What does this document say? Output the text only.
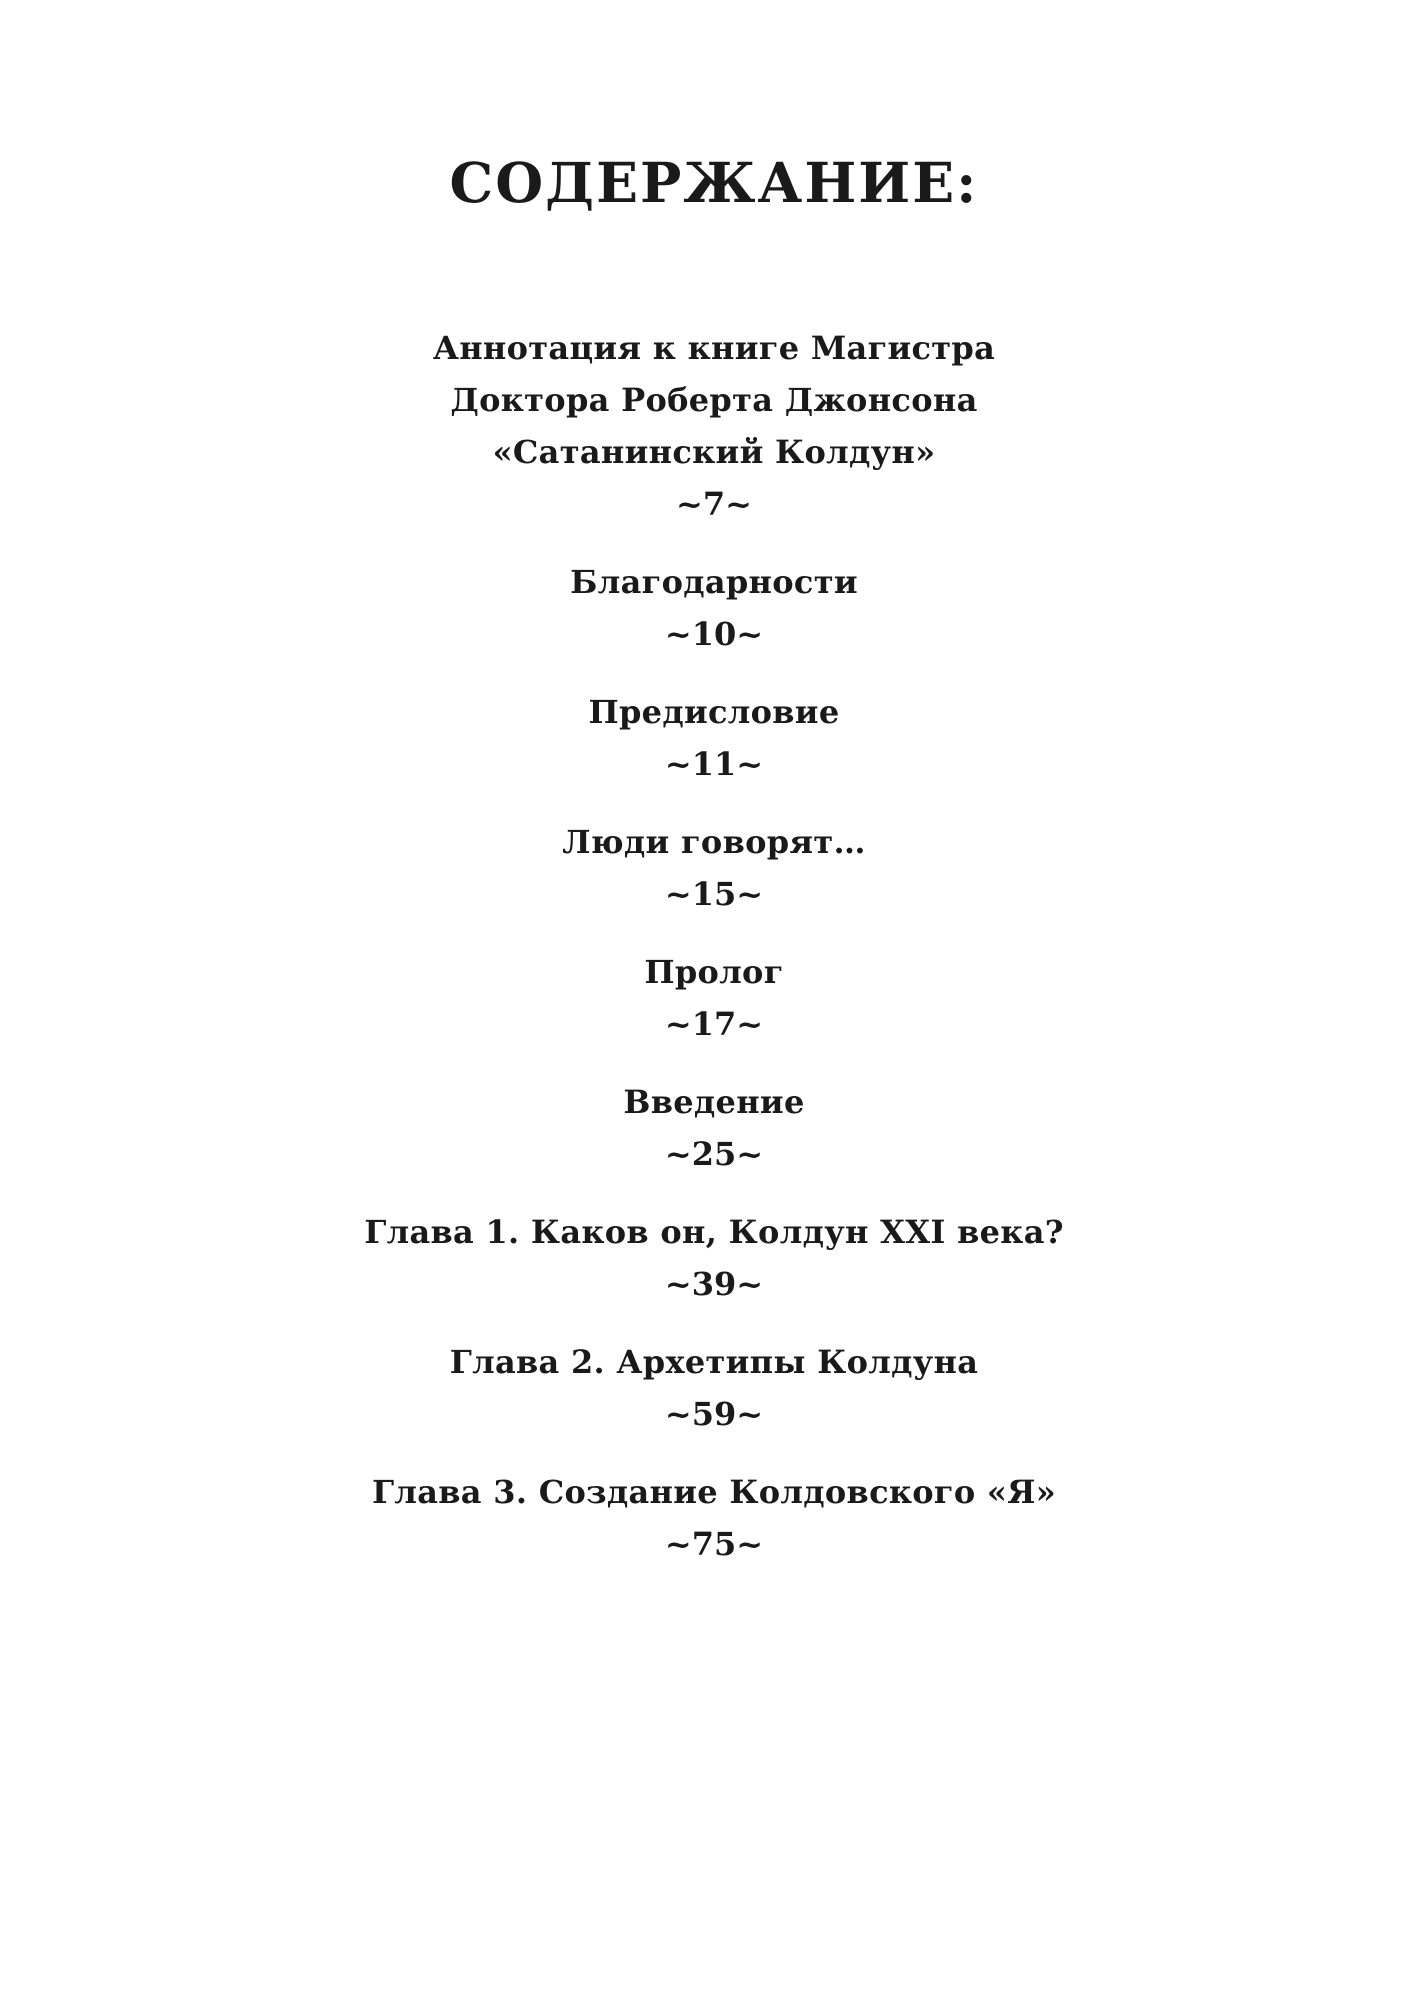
СОДЕРЖАНИЕ:
Аннотация к книге Магистра
Доктора Роберта Джонсона
«Сатанинский Колдун»
~7~
Благодарности
~10~
Предисловие
~11~
Люди говорят…
~15~
Пролог
~17~
Введение
~25~
Глава 1. Каков он, Колдун XXI века?
~39~
Глава 2. Архетипы Колдуна
~59~
Глава 3. Создание Колдовского «Я»
~75~
